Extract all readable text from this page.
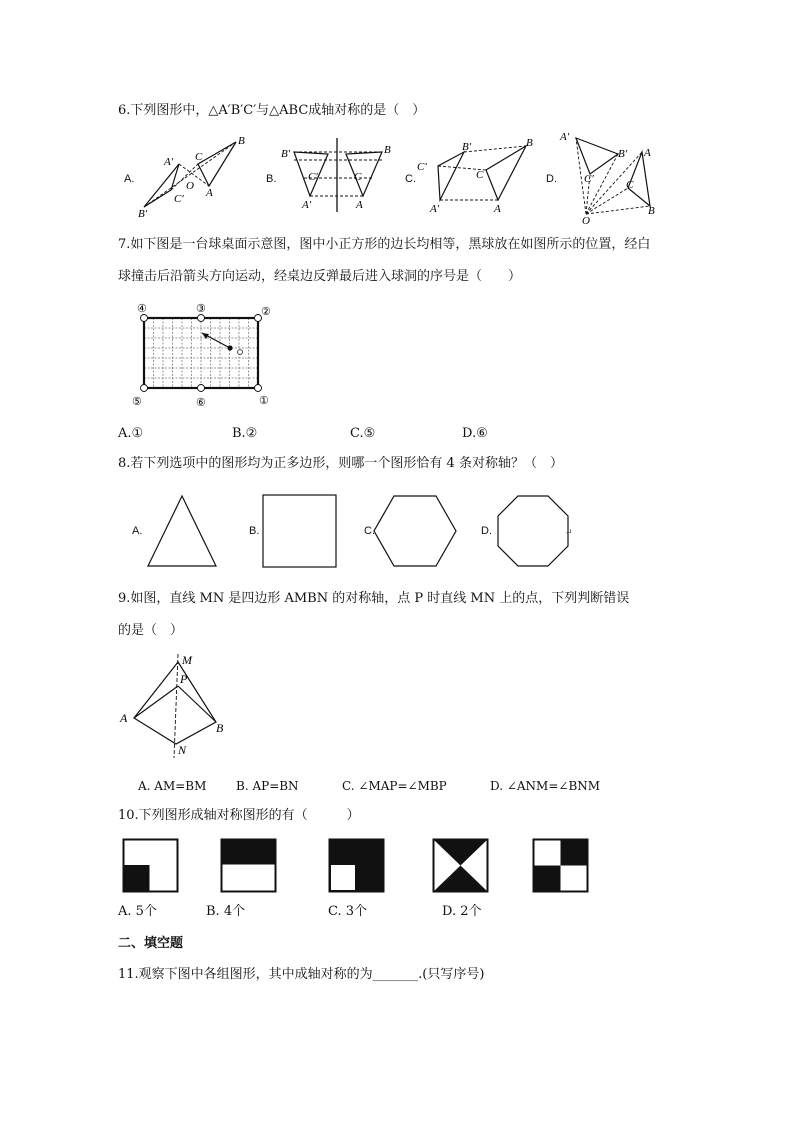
6.下列图形中，△A′B′C′与△ABC成轴对称的是（　）
A.	B.	C.	D.
A′
B′
C′
O
C
B
A
B′	B
C′	C
A′	A
C′
B′	B
C
A′	A
A′
B′
C′
A
C
B
O
7.如下图是一台球桌面示意图，图中小正方形的边长均相等，黑球放在如图所示的位置，经白
球撞击后沿箭头方向运动，经桌边反弹最后进入球洞的序号是（　　）
④	③	②
⑤	⑥	①
A.①	B.②	C.⑤	D.⑥
8.若下列选项中的图形均为正多边形，则哪一个图形恰有 4 条对称轴？（　）
A.	B.	C.	D.	↵
9.如图，直线 MN 是四边形 AMBN 的对称轴，点 P 时直线 MN 上的点，下列判断错误
的是（　）
M
P
A
B
N
A. AM=BM B. AP=BN	C. ∠MAP=∠MBP	D. ∠ANM=∠BNM
10.下列图形成轴对称图形的有（　　　）
A. 5个	B. 4个	C. 3个	D. 2个
二、填空题
11.观察下图中各组图形，其中成轴对称的为_______.(只写序号)
